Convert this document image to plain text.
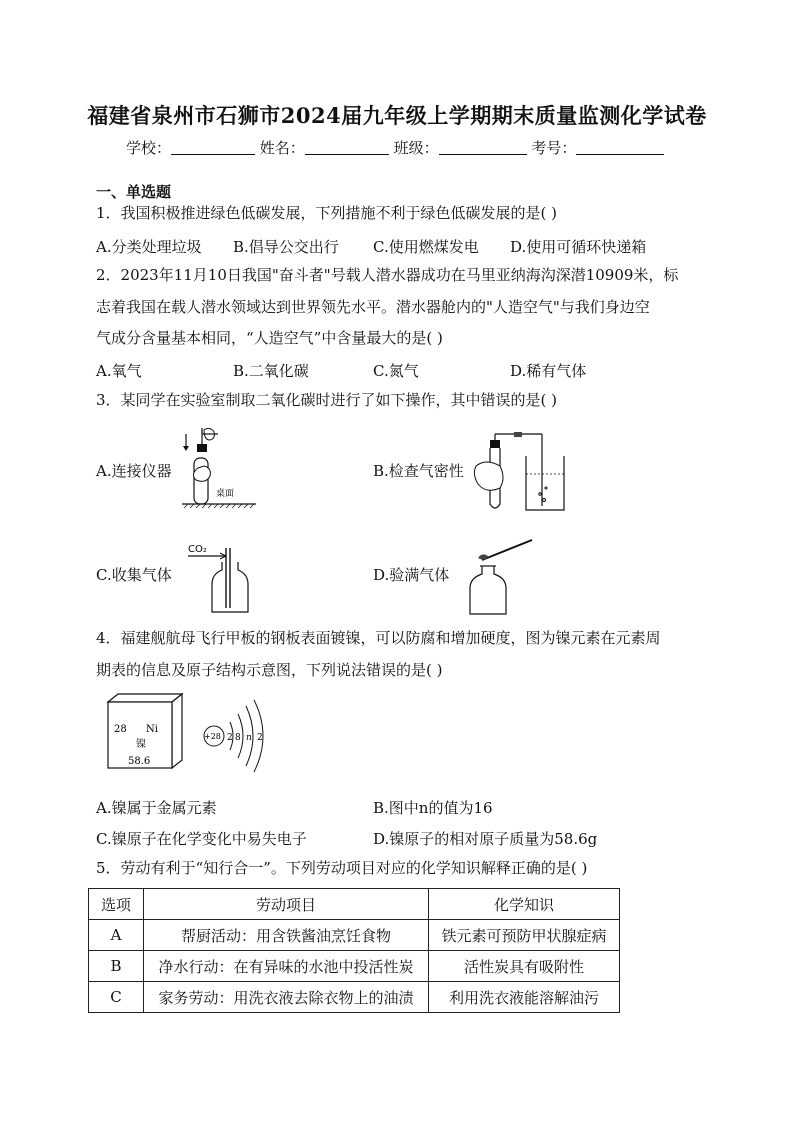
福建省泉州市石狮市2024届九年级上学期期末质量监测化学试卷
学校：	姓名：	班级：	考号：
一、单选题
1．我国积极推进绿色低碳发展，下列措施不利于绿色低碳发展的是( )
A.分类处理垃圾 B.倡导公交出行 C.使用燃煤发电 D.使用可循环快递箱
2．2023年11月10日我国"奋斗者"号载人潜水器成功在马里亚纳海沟深潜10909米，标
志着我国在载人潜水领域达到世界领先水平。潜水器舱内的"人造空气"与我们身边空
气成分含量基本相同，“人造空气”中含量最大的是( )
A.氧气	B.二氧化碳	C.氮气	D.稀有气体
3．某同学在实验室制取二氧化碳时进行了如下操作，其中错误的是( )
A.连接仪器	B.检查气密性
C.收集气体	D.验满气体
桌面
CO₂
4．福建舰航母飞行甲板的钢板表面镀镍，可以防腐和增加硬度，图为镍元素在元素周
期表的信息及原子结构示意图，下列说法错误的是( )
28 Ni
镍
58.6
+28 2 8 n 2
A.镍属于金属元素	B.图中n的值为16
C.镍原子在化学变化中易失电子	D.镍原子的相对原子质量为58.6g
5．劳动有利于“知行合一”。下列劳动项目对应的化学知识解释正确的是( )
选项	劳动项目	化学知识
A	帮厨活动：用含铁酱油烹饪食物	铁元素可预防甲状腺症病
B	净水行动：在有异味的水池中投活性炭	活性炭具有吸附性
C	家务劳动：用洗衣液去除衣物上的油渍	利用洗衣液能溶解油污
